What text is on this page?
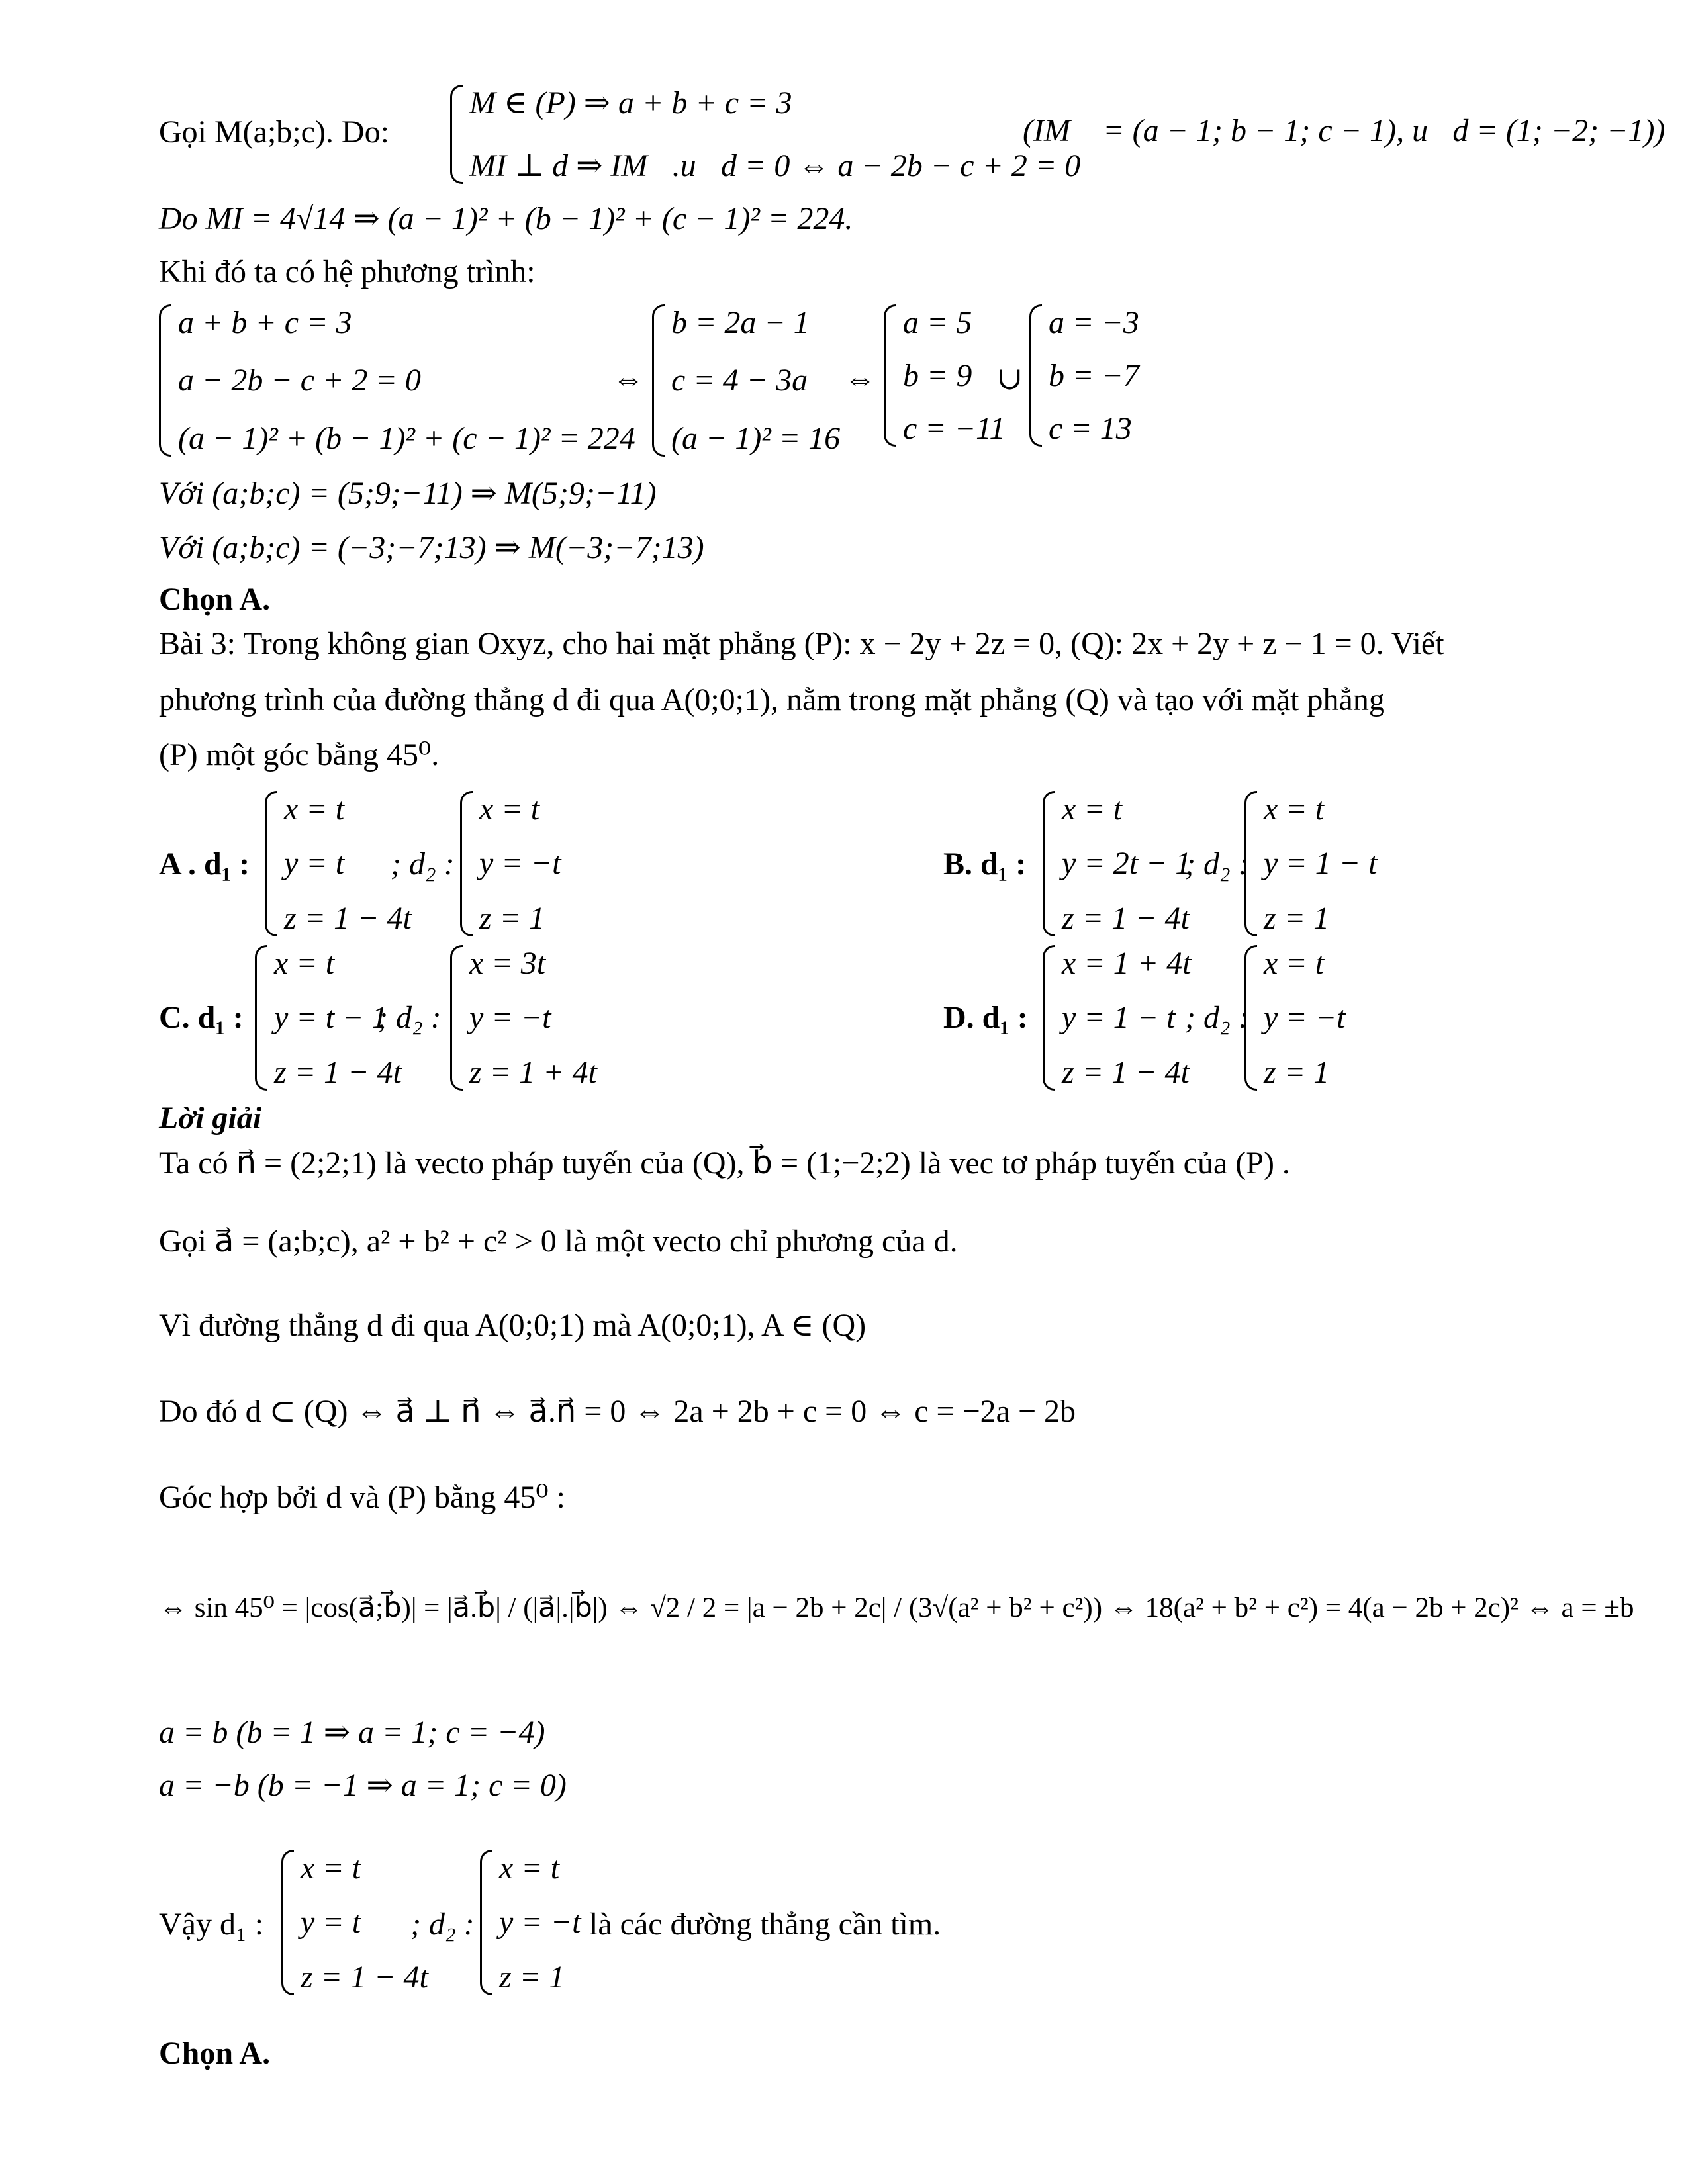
Gọi M(a;b;c). Do:
M ∈ (P) ⇒ a + b + c = 3
MI ⊥ d ⇒ IM⃗.u⃗d = 0 ⇔ a − 2b − c + 2 = 0
(IM⃗ = (a − 1; b − 1; c − 1), u⃗d = (1; −2; −1))
Do MI = 4√14 ⇒ (a − 1)² + (b − 1)² + (c − 1)² = 224.
Khi đó ta có hệ phương trình:
a + b + c = 3
a − 2b − c + 2 = 0
(a − 1)² + (b − 1)² + (c − 1)² = 224
⇔
b = 2a − 1
c = 4 − 3a
(a − 1)² = 16
⇔
a = 5
b = 9
c = −11
∪
a = −3
b = −7
c = 13
Với (a;b;c) = (5;9;−11) ⇒ M(5;9;−11)
Với (a;b;c) = (−3;−7;13) ⇒ M(−3;−7;13)
Chọn A.
Bài 3: Trong không gian Oxyz, cho hai mặt phẳng (P): x − 2y + 2z = 0, (Q): 2x + 2y + z − 1 = 0. Viết
phương trình của đường thẳng d đi qua A(0;0;1), nằm trong mặt phẳng (Q) và tạo với mặt phẳng
(P) một góc bằng 45⁰.
A . d₁ :
x = t
y = t
z = 1 − 4t
; d₂ :
x = t
y = −t
z = 1
B. d₁ :
x = t
y = 2t − 1
z = 1 − 4t
; d₂ :
x = t
y = 1 − t
z = 1
C. d₁ :
x = t
y = t − 1
z = 1 − 4t
; d₂ :
x = 3t
y = −t
z = 1 + 4t
D. d₁ :
x = 1 + 4t
y = 1 − t
z = 1 − 4t
; d₂ :
x = t
y = −t
z = 1
Lời giải
Ta có n⃗ = (2;2;1) là vecto pháp tuyến của (Q), b⃗ = (1;−2;2) là vec tơ pháp tuyến của (P) .
Gọi a⃗ = (a;b;c), a² + b² + c² > 0 là một vecto chỉ phương của d.
Vì đường thẳng d đi qua A(0;0;1) mà A(0;0;1), A ∈ (Q)
Do đó d ⊂ (Q) ⇔ a⃗ ⊥ n⃗ ⇔ a⃗.n⃗ = 0 ⇔ 2a + 2b + c = 0 ⇔ c = −2a − 2b
Góc hợp bởi d và (P) bằng 45⁰ :
⇔ sin 45⁰ = |cos(a⃗;b⃗)| = |a⃗.b⃗| / (|a⃗|.|b⃗|) ⇔ √2 / 2 = |a − 2b + 2c| / (3√(a² + b² + c²)) ⇔ 18(a² + b² + c²) = 4(a − 2b + 2c)² ⇔ a = ±b
a = b (b = 1 ⇒ a = 1; c = −4)
a = −b (b = −1 ⇒ a = 1; c = 0)
Vậy d₁ :
x = t
y = t
z = 1 − 4t
; d₂ :
x = t
y = −t
z = 1
là các đường thẳng cần tìm.
Chọn A.
